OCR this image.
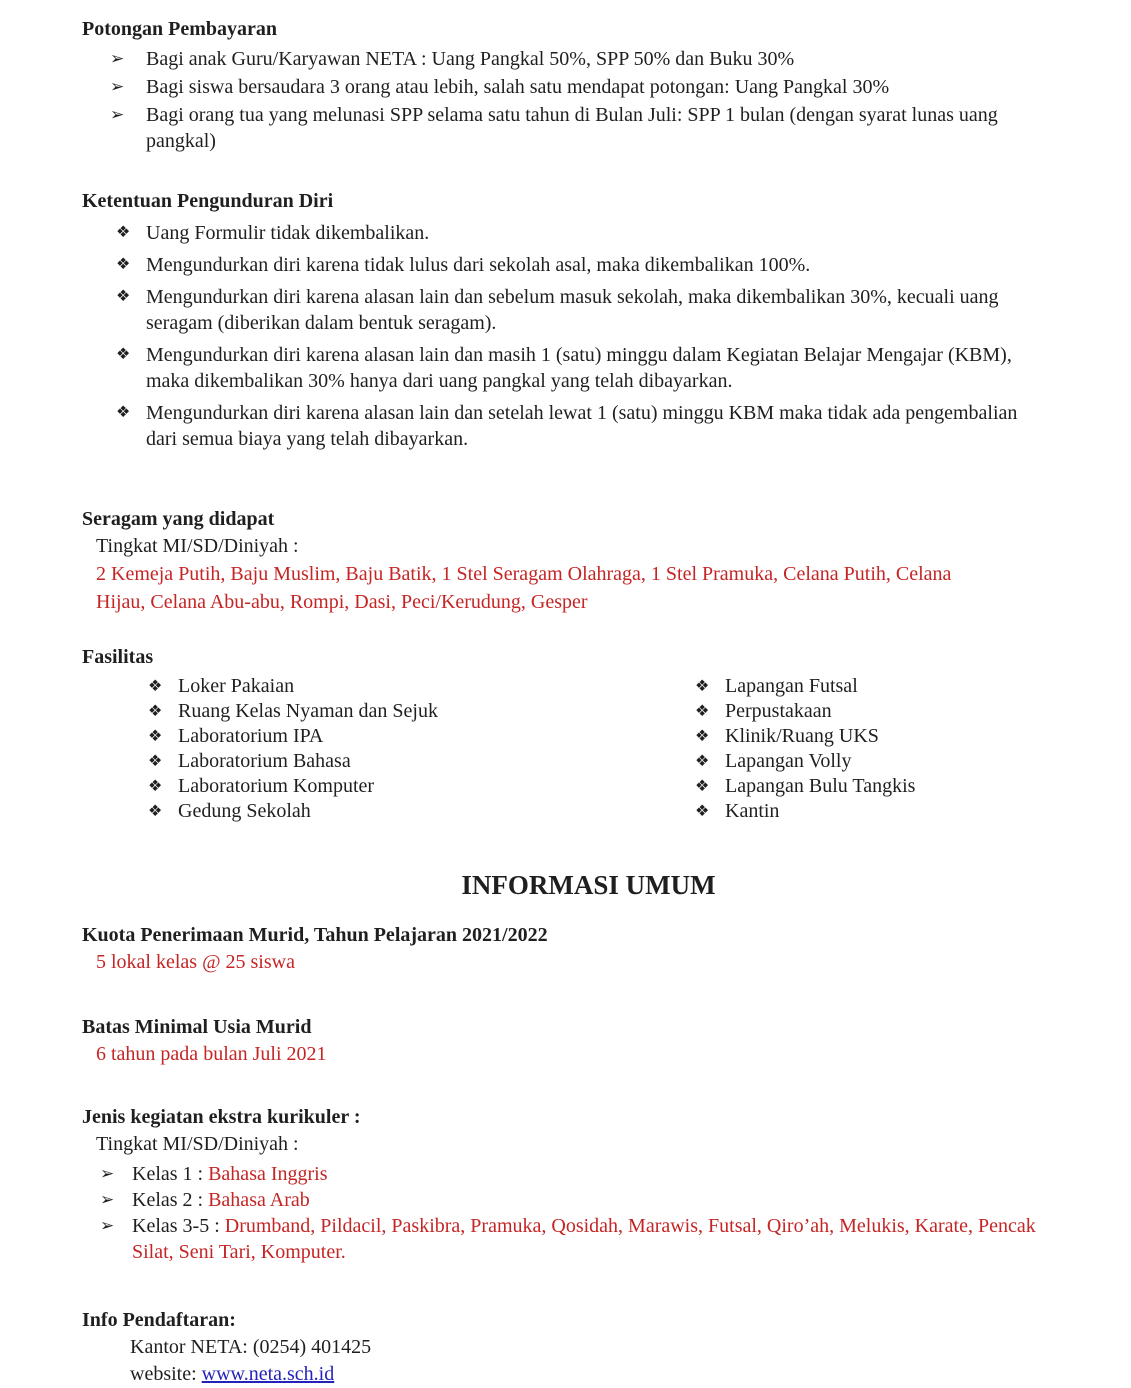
Potongan Pembayaran
➢	Bagi anak Guru/Karyawan NETA : Uang Pangkal 50%, SPP 50% dan Buku 30%
➢	Bagi siswa bersaudara 3 orang atau lebih, salah satu mendapat potongan: Uang Pangkal 30%
➢	Bagi orang tua yang melunasi SPP selama satu tahun di Bulan Juli: SPP 1 bulan (dengan syarat lunas uang pangkal)
Ketentuan Pengunduran Diri
❖ Uang Formulir tidak dikembalikan.
❖ Mengundurkan diri karena tidak lulus dari sekolah asal, maka dikembalikan 100%.
❖ Mengundurkan diri karena alasan lain dan sebelum masuk sekolah, maka dikembalikan 30%, kecuali uang seragam (diberikan dalam bentuk seragam).
❖ Mengundurkan diri karena alasan lain dan masih 1 (satu) minggu dalam Kegiatan Belajar Mengajar (KBM), maka dikembalikan 30% hanya dari uang pangkal yang telah dibayarkan.
❖ Mengundurkan diri karena alasan lain dan setelah lewat 1 (satu) minggu KBM maka tidak ada pengembalian dari semua biaya yang telah dibayarkan.
Seragam yang didapat
Tingkat MI/SD/Diniyah :
2 Kemeja Putih, Baju Muslim, Baju Batik, 1 Stel Seragam Olahraga, 1 Stel Pramuka, Celana Putih, Celana Hijau, Celana Abu-abu, Rompi, Dasi, Peci/Kerudung, Gesper
Fasilitas
❖ Loker Pakaian
❖ Ruang Kelas Nyaman dan Sejuk
❖ Laboratorium IPA
❖ Laboratorium Bahasa
❖ Laboratorium Komputer
❖ Gedung Sekolah
❖ Lapangan Futsal
❖ Perpustakaan
❖ Klinik/Ruang UKS
❖ Lapangan Volly
❖ Lapangan Bulu Tangkis
❖ Kantin
INFORMASI UMUM
Kuota Penerimaan Murid, Tahun Pelajaran 2021/2022
5 lokal kelas @ 25 siswa
Batas Minimal Usia Murid
6 tahun pada bulan Juli 2021
Jenis kegiatan ekstra kurikuler :
Tingkat MI/SD/Diniyah :
➢ Kelas 1 : Bahasa Inggris
➢ Kelas 2 : Bahasa Arab
➢ Kelas 3-5 : Drumband, Pildacil, Paskibra, Pramuka, Qosidah, Marawis, Futsal, Qiro’ah, Melukis, Karate, Pencak Silat, Seni Tari, Komputer.
Info Pendaftaran:
Kantor NETA: (0254) 401425
website: www.neta.sch.id
